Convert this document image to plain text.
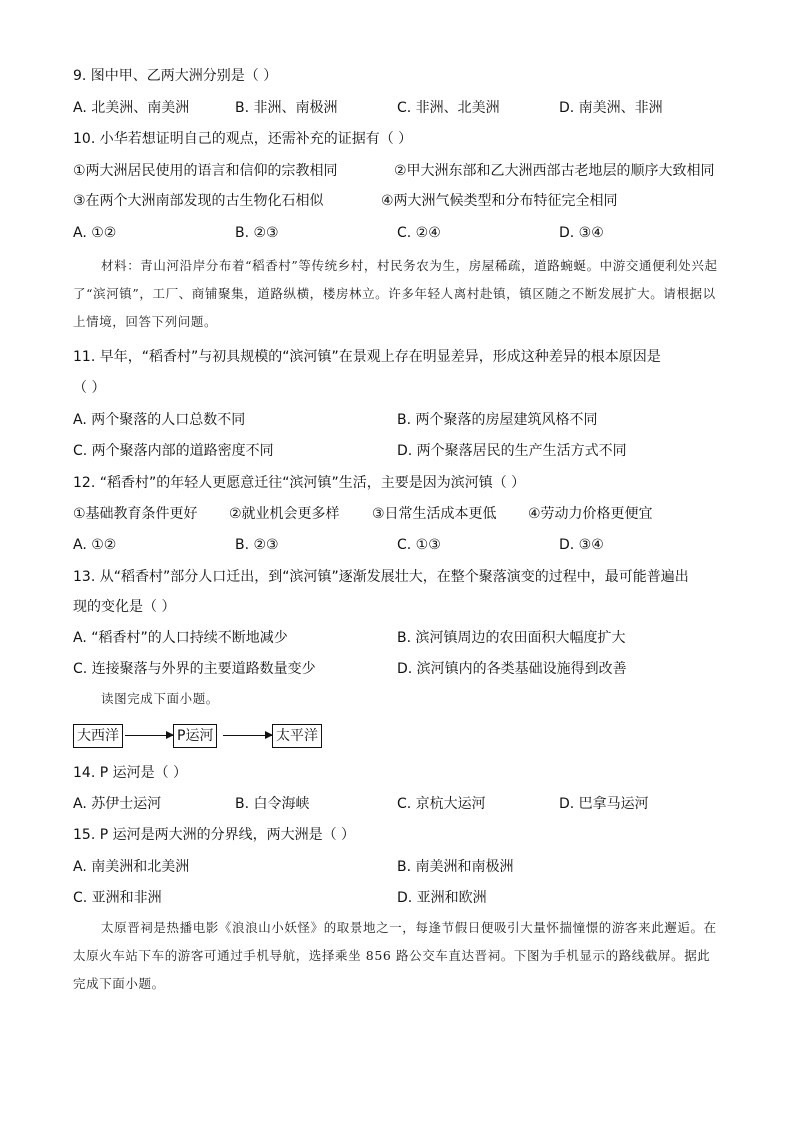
9. 图中甲、乙两大洲分别是（ ）
A. 北美洲、南美洲	B. 非洲、南极洲	C. 非洲、北美洲	D. 南美洲、非洲
10. 小华若想证明自己的观点，还需补充的证据有（ ）
①两大洲居民使用的语言和信仰的宗教相同	②甲大洲东部和乙大洲西部古老地层的顺序大致相同
③在两个大洲南部发现的古生物化石相似	④两大洲气候类型和分布特征完全相同
A. ①②	B. ②③	C. ②④	D. ③④
材料：青山河沿岸分布着“稻香村”等传统乡村，村民务农为生，房屋稀疏，道路蜿蜒。中游交通便利处兴起了“滨河镇”，工厂、商铺聚集，道路纵横，楼房林立。许多年轻人离村赴镇，镇区随之不断发展扩大。请根据以上情境，回答下列问题。
11. 早年，“稻香村”与初具规模的“滨河镇”在景观上存在明显差异，形成这种差异的根本原因是
（ ）
A. 两个聚落的人口总数不同	B. 两个聚落的房屋建筑风格不同
C. 两个聚落内部的道路密度不同	D. 两个聚落居民的生产生活方式不同
12. “稻香村”的年轻人更愿意迁往“滨河镇”生活，主要是因为滨河镇（ ）
①基础教育条件更好 ②就业机会更多样 ③日常生活成本更低 ④劳动力价格更便宜
A. ①②	B. ②③	C. ①③	D. ③④
13. 从“稻香村”部分人口迁出，到“滨河镇”逐渐发展壮大，在整个聚落演变的过程中，最可能普遍出
现的变化是（ ）
A. “稻香村”的人口持续不断地减少	B. 滨河镇周边的农田面积大幅度扩大
C. 连接聚落与外界的主要道路数量变少	D. 滨河镇内的各类基础设施得到改善
读图完成下面小题。
大西洋	P运河	太平洋
14. P 运河是（ ）
A. 苏伊士运河	B. 白令海峡	C. 京杭大运河	D. 巴拿马运河
15. P 运河是两大洲的分界线，两大洲是（ ）
A. 南美洲和北美洲	B. 南美洲和南极洲
C. 亚洲和非洲	D. 亚洲和欧洲
太原晋祠是热播电影《浪浪山小妖怪》的取景地之一，每逢节假日便吸引大量怀揣憧憬的游客来此邂逅。在太原火车站下车的游客可通过手机导航，选择乘坐 856 路公交车直达晋祠。下图为手机显示的路线截屏。据此完成下面小题。
